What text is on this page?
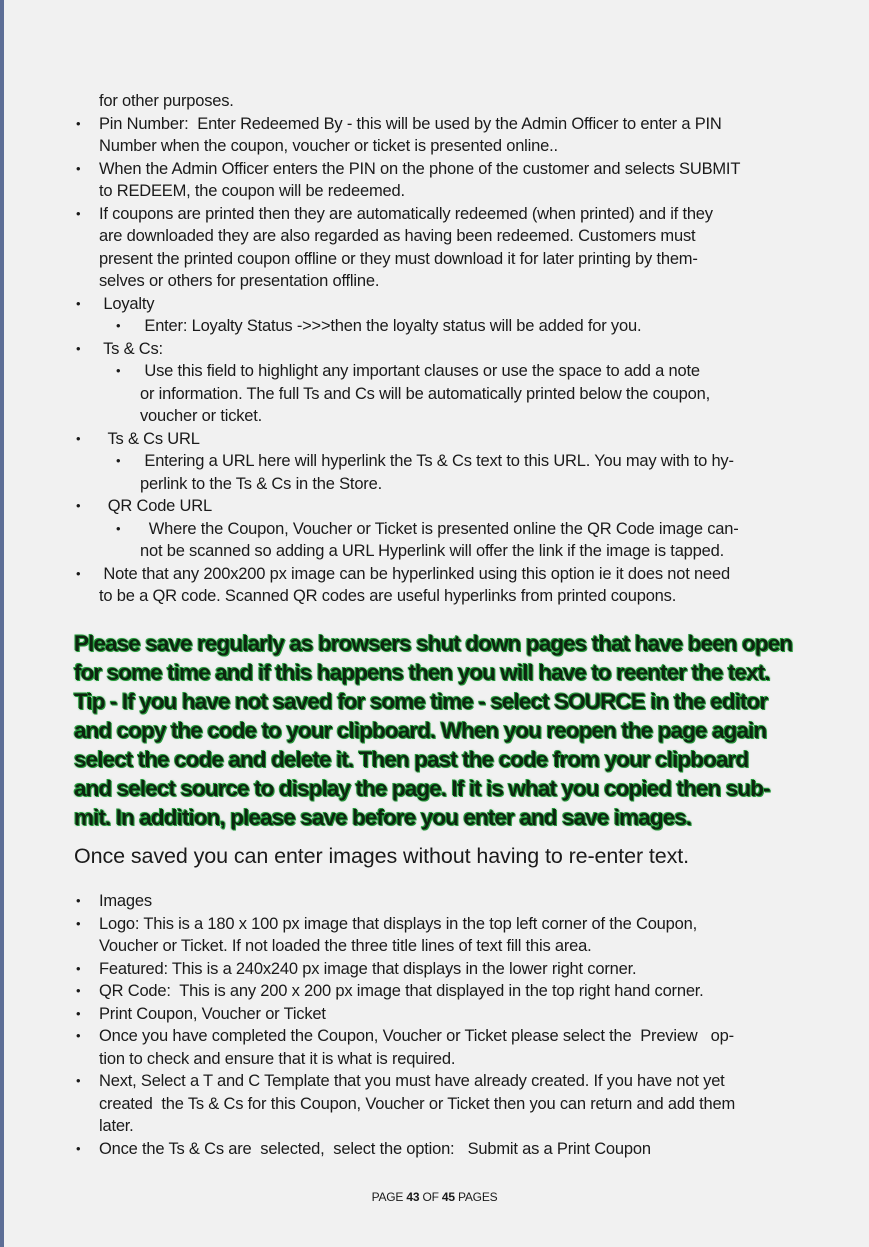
for other purposes.
• Pin Number:  Enter Redeemed By - this will be used by the Admin Officer to enter a PIN
Number when the coupon, voucher or ticket is presented online..
• When the Admin Officer enters the PIN on the phone of the customer and selects SUBMIT
to REDEEM, the coupon will be redeemed.
• If coupons are printed then they are automatically redeemed (when printed) and if they
are downloaded they are also regarded as having been redeemed. Customers must
present the printed coupon offline or they must download it for later printing by them-
selves or others for presentation offline.
• Loyalty
• Enter: Loyalty Status ->>>then the loyalty status will be added for you.
• Ts & Cs:
• Use this field to highlight any important clauses or use the space to add a note
or information. The full Ts and Cs will be automatically printed below the coupon,
voucher or ticket.
• Ts & Cs URL
• Entering a URL here will hyperlink the Ts & Cs text to this URL. You may with to hy-
perlink to the Ts & Cs in the Store.
• QR Code URL
• Where the Coupon, Voucher or Ticket is presented online the QR Code image can-
not be scanned so adding a URL Hyperlink will offer the link if the image is tapped.
• Note that any 200x200 px image can be hyperlinked using this option ie it does not need
to be a QR code. Scanned QR codes are useful hyperlinks from printed coupons.
Please save regularly as browsers shut down pages that have been open
for some time and if this happens then you will have to reenter the text.
Tip - If you have not saved for some time - select SOURCE in the editor
and copy the code to your clipboard. When you reopen the page again
select the code and delete it. Then past the code from your clipboard
and select source to display the page. If it is what you copied then sub-
mit. In addition, please save before you enter and save images.
Once saved you can enter images without having to re-enter text.
• Images
• Logo: This is a 180 x 100 px image that displays in the top left corner of the Coupon,
Voucher or Ticket. If not loaded the three title lines of text fill this area.
• Featured: This is a 240x240 px image that displays in the lower right corner.
• QR Code:  This is any 200 x 200 px image that displayed in the top right hand corner.
• Print Coupon, Voucher or Ticket
• Once you have completed the Coupon, Voucher or Ticket please select the  Preview   op-
tion to check and ensure that it is what is required.
• Next, Select a T and C Template that you must have already created. If you have not yet
created  the Ts & Cs for this Coupon, Voucher or Ticket then you can return and add them
later.
• Once the Ts & Cs are  selected,  select the option:   Submit as a Print Coupon
PAGE 43 OF 45 PAGES
